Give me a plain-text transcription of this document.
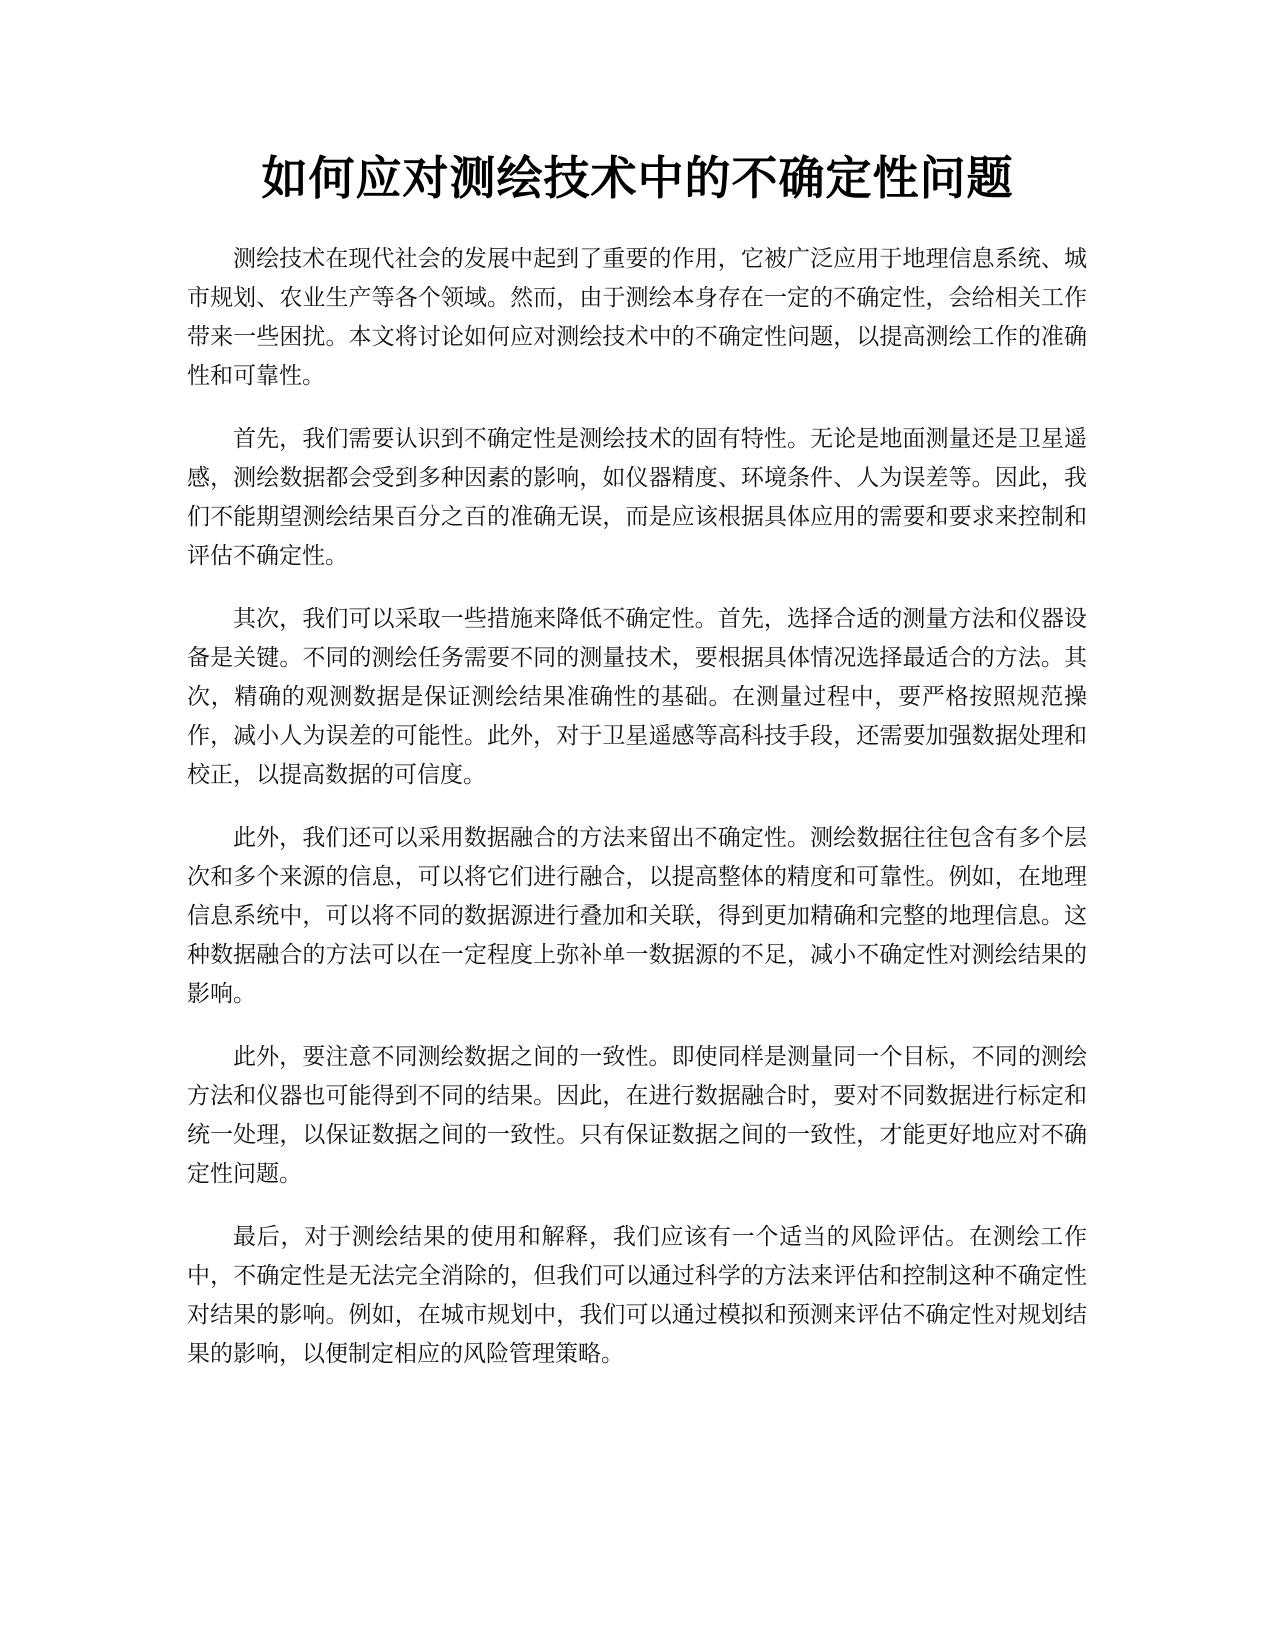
如何应对测绘技术中的不确定性问题

测绘技术在现代社会的发展中起到了重要的作用，它被广泛应用于地理信息系统、城市规划、农业生产等各个领域。然而，由于测绘本身存在一定的不确定性，会给相关工作带来一些困扰。本文将讨论如何应对测绘技术中的不确定性问题，以提高测绘工作的准确性和可靠性。

首先，我们需要认识到不确定性是测绘技术的固有特性。无论是地面测量还是卫星遥感，测绘数据都会受到多种因素的影响，如仪器精度、环境条件、人为误差等。因此，我们不能期望测绘结果百分之百的准确无误，而是应该根据具体应用的需要和要求来控制和评估不确定性。

其次，我们可以采取一些措施来降低不确定性。首先，选择合适的测量方法和仪器设备是关键。不同的测绘任务需要不同的测量技术，要根据具体情况选择最适合的方法。其次，精确的观测数据是保证测绘结果准确性的基础。在测量过程中，要严格按照规范操作，减小人为误差的可能性。此外，对于卫星遥感等高科技手段，还需要加强数据处理和校正，以提高数据的可信度。

此外，我们还可以采用数据融合的方法来留出不确定性。测绘数据往往包含有多个层次和多个来源的信息，可以将它们进行融合，以提高整体的精度和可靠性。例如，在地理信息系统中，可以将不同的数据源进行叠加和关联，得到更加精确和完整的地理信息。这种数据融合的方法可以在一定程度上弥补单一数据源的不足，减小不确定性对测绘结果的影响。

此外，要注意不同测绘数据之间的一致性。即使同样是测量同一个目标，不同的测绘方法和仪器也可能得到不同的结果。因此，在进行数据融合时，要对不同数据进行标定和统一处理，以保证数据之间的一致性。只有保证数据之间的一致性，才能更好地应对不确定性问题。

最后，对于测绘结果的使用和解释，我们应该有一个适当的风险评估。在测绘工作中，不确定性是无法完全消除的，但我们可以通过科学的方法来评估和控制这种不确定性对结果的影响。例如，在城市规划中，我们可以通过模拟和预测来评估不确定性对规划结果的影响，以便制定相应的风险管理策略。
